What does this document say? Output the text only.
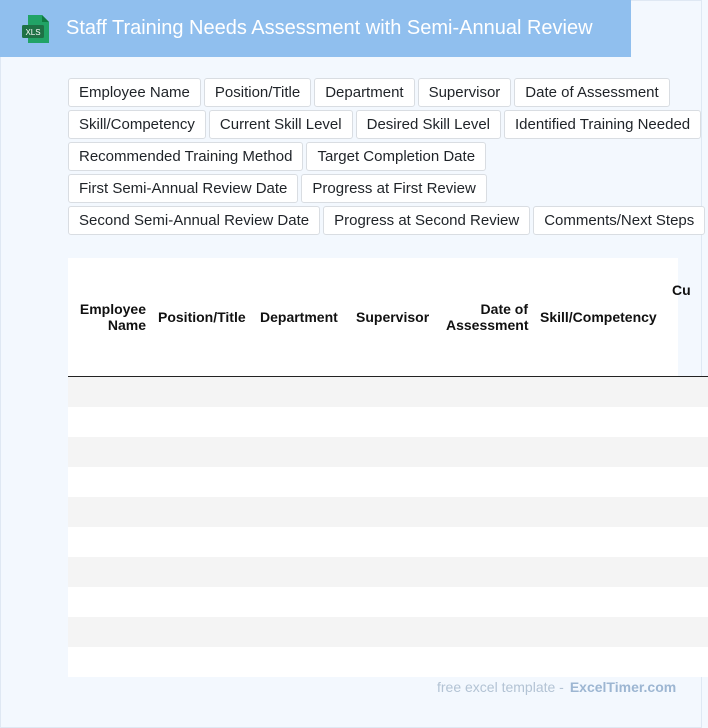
XLS Staff Training Needs Assessment with Semi-Annual Review
Employee Name	Position/Title	Department	Supervisor	Date of Assessment
Skill/Competency	Current Skill Level	Desired Skill Level	Identified Training Needed
Recommended Training Method	Target Completion Date
First Semi-Annual Review Date	Progress at First Review
Second Semi-Annual Review Date	Progress at Second Review	Comments/Next Steps
Employee Name	Position/Title	Department	Supervisor	Date of Assessment	Skill/Competency	Cu

free excel template - ExcelTimer.com
